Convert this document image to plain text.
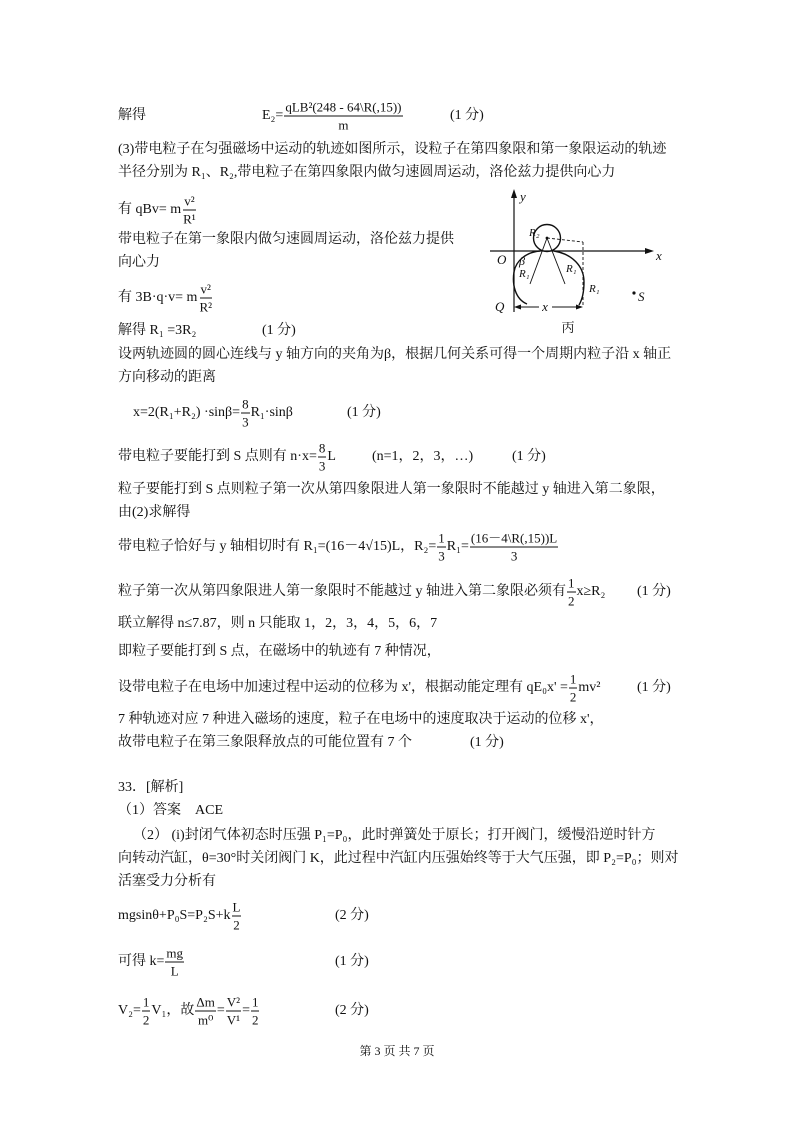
解得	$E_2= \frac{\text{qLB²(248 - 64\textbackslash{}R(,15))}}{m}$	(1 分)
(3)带电粒子在匀强磁场中运动的轨迹如图所示，设粒子在第四象限和第一象限运动的轨迹
半径分别为 R₁、R₂,带电粒子在第四象限内做匀速圆周运动，洛伦兹力提供向心力
有 qBv= m $\frac{\text{v²}}{\text{R¹}}$
带电粒子在第一象限内做匀速圆周运动，洛伦兹力提供
向心力
有 3B·q·v= m $\frac{\text{v²}}{\text{R²}}$
解得 R₁ =3R₂	(1 分)
设两轨迹圆的圆心连线与 y 轴方向的夹角为β，根据几何关系可得一个周期内粒子沿 x 轴正
方向移动的距离
$x=2(R_1+R_2) \cdot\sin\beta= \frac{8}{3} R_1\cdot\sin\beta$	(1 分)
带电粒子要能打到 S 点则有 $n\cdot x= \frac{8}{3}$ L	(n=1，2，3，…)	(1 分)
粒子要能打到 S 点则粒子第一次从第四象限进人第一象限时不能越过 y 轴进入第二象限，
由(2)求解得
带电粒子恰好与 y 轴相切时有 R₁=(16－4√15)L，$R_2= \frac{1}{3} R_1= \frac{(16-4\backslash R(,15))L}{3}$
粒子第一次从第四象限进人第一象限时不能越过 y 轴进入第二象限必须有 $\frac{1}{2} x\ge R_2$ (1 分)
联立解得 n≤7.87，则 n 只能取 1，2，3，4，5，6，7
即粒子要能打到 S 点，在磁场中的轨迹有 7 种情况，
设带电粒子在电场中加速过程中运动的位移为 x'，根据动能定理有 $qE_0x' = \frac{1}{2} mv^2$	(1 分)
7 种轨迹对应 7 种进入磁场的速度，粒子在电场中的速度取决于运动的位移 x'，
故带电粒子在第三象限释放点的可能位置有 7 个	(1 分)
y
x
O β
R₂
R₁	R₁
R₁
Q	x
S
丙
33．[解析]
（1）答案　ACE
（2） (i)封闭气体初态时压强 P₁=P₀，此时弹簧处于原长；打开阀门，缓慢沿逆时针方
向转动汽缸，θ=30°时关闭阀门 K，此过程中汽缸内压强始终等于大气压强，即 P₂=P₀；则对
活塞受力分析有
$mgsin\theta+P_0S=P_2S+k \frac{L}{2}$	(2 分)
可得 $k= \frac{mg}{L}$	(1 分)
$V_2= \frac{1}{2} V_1$，故 $\frac{\Delta m}{\text{m⁰}} = \frac{\text{V²}}{\text{V¹}} = \frac{1}{2}$	(2 分)
第 3 页 共 7 页
